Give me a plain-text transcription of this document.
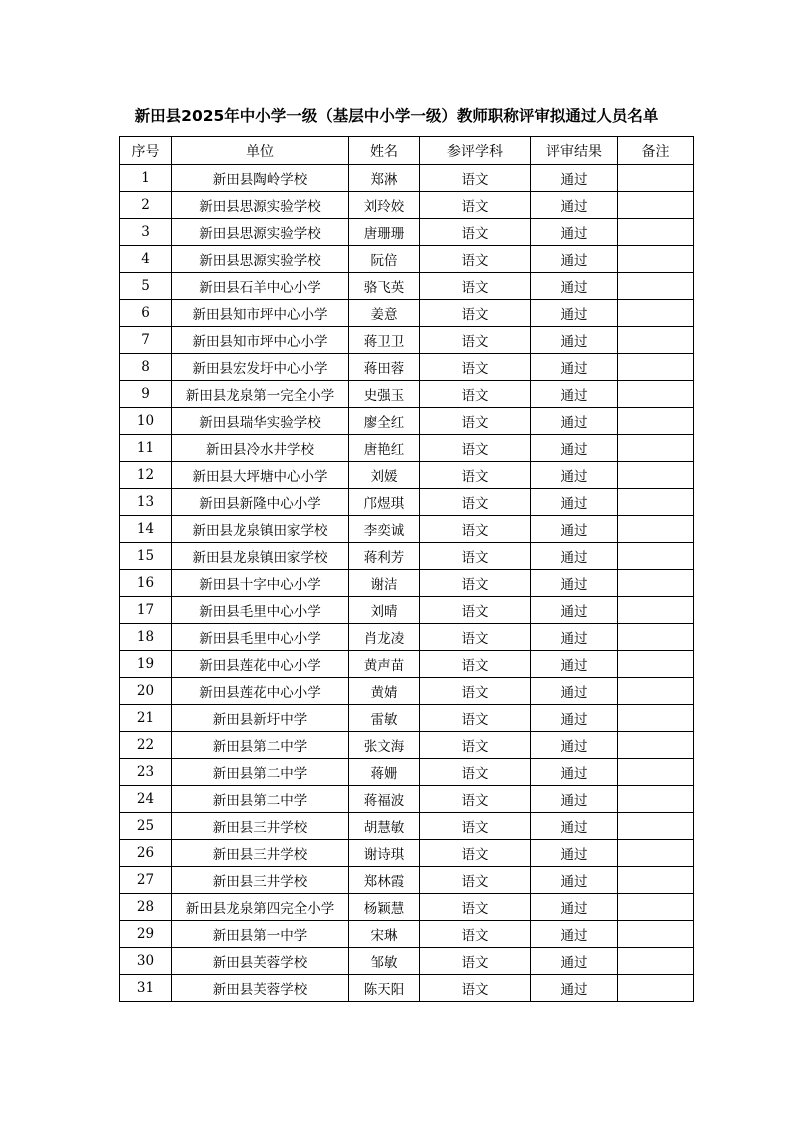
新田县2025年中小学一级（基层中小学一级）教师职称评审拟通过人员名单
序号	单位	姓名	参评学科	评审结果	备注
1	新田县陶岭学校	郑淋	语文	通过	
2	新田县思源实验学校	刘玲姣	语文	通过	
3	新田县思源实验学校	唐珊珊	语文	通过	
4	新田县思源实验学校	阮倍	语文	通过	
5	新田县石羊中心小学	骆飞英	语文	通过	
6	新田县知市坪中心小学	姜意	语文	通过	
7	新田县知市坪中心小学	蒋卫卫	语文	通过	
8	新田县宏发圩中心小学	蒋田蓉	语文	通过	
9	新田县龙泉第一完全小学	史强玉	语文	通过	
10	新田县瑞华实验学校	廖全红	语文	通过	
11	新田县冷水井学校	唐艳红	语文	通过	
12	新田县大坪塘中心小学	刘媛	语文	通过	
13	新田县新隆中心小学	邝煜琪	语文	通过	
14	新田县龙泉镇田家学校	李奕诚	语文	通过	
15	新田县龙泉镇田家学校	蒋利芳	语文	通过	
16	新田县十字中心小学	谢洁	语文	通过	
17	新田县毛里中心小学	刘晴	语文	通过	
18	新田县毛里中心小学	肖龙凌	语文	通过	
19	新田县莲花中心小学	黄声苗	语文	通过	
20	新田县莲花中心小学	黄婧	语文	通过	
21	新田县新圩中学	雷敏	语文	通过	
22	新田县第二中学	张文海	语文	通过	
23	新田县第二中学	蒋姗	语文	通过	
24	新田县第二中学	蒋福波	语文	通过	
25	新田县三井学校	胡慧敏	语文	通过	
26	新田县三井学校	谢诗琪	语文	通过	
27	新田县三井学校	郑林霞	语文	通过	
28	新田县龙泉第四完全小学	杨颖慧	语文	通过	
29	新田县第一中学	宋琳	语文	通过	
30	新田县芙蓉学校	邹敏	语文	通过	
31	新田县芙蓉学校	陈天阳	语文	通过	
